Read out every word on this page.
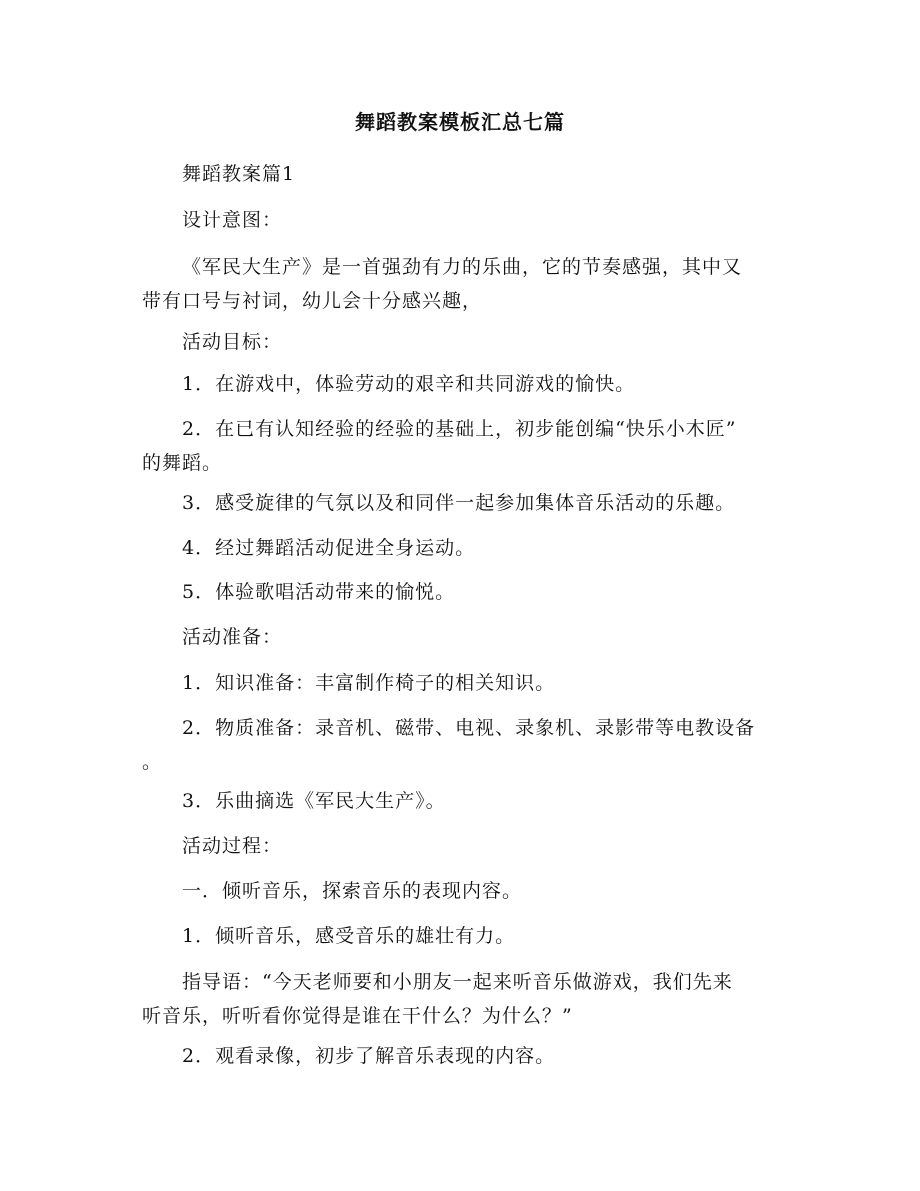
舞蹈教案模板汇总七篇
舞蹈教案篇1
设计意图：
《军民大生产》是一首强劲有力的乐曲，它的节奏感强，其中又
带有口号与衬词，幼儿会十分感兴趣，
活动目标：
1．在游戏中，体验劳动的艰辛和共同游戏的愉快。
2．在已有认知经验的经验的基础上，初步能创编“快乐小木匠”
的舞蹈。
3．感受旋律的气氛以及和同伴一起参加集体音乐活动的乐趣。
4．经过舞蹈活动促进全身运动。
5．体验歌唱活动带来的愉悦。
活动准备：
1．知识准备：丰富制作椅子的相关知识。
2．物质准备：录音机、磁带、电视、录象机、录影带等电教设备
。
3．乐曲摘选《军民大生产》。
活动过程：
一．倾听音乐，探索音乐的表现内容。
1．倾听音乐，感受音乐的雄壮有力。
指导语：“今天老师要和小朋友一起来听音乐做游戏，我们先来
听音乐，听听看你觉得是谁在干什么？为什么？”
2．观看录像，初步了解音乐表现的内容。
